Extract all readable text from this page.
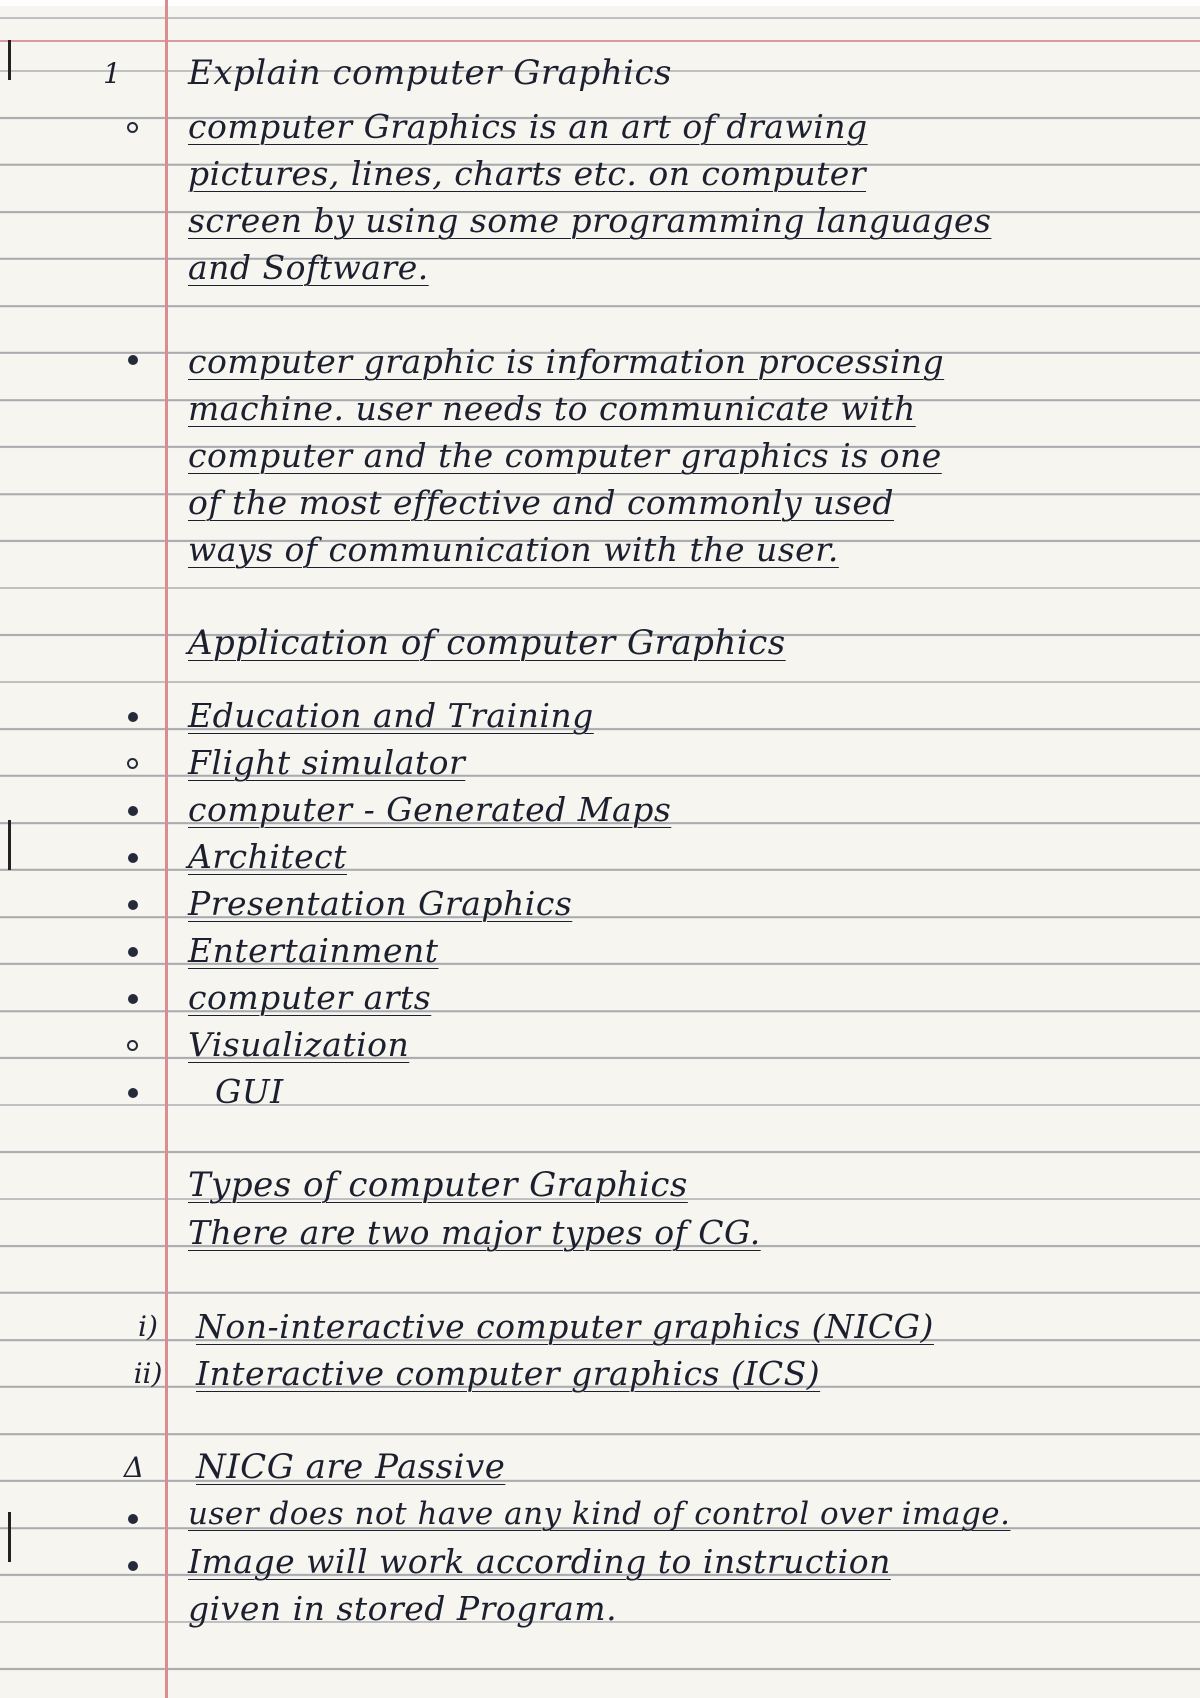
1	Explain computer Graphics
computer Graphics is an art of drawing
pictures, lines, charts etc. on computer
screen by using some programming languages
and Software.
computer graphic is information processing
machine. user needs to communicate with
computer and the computer graphics is one
of the most effective and commonly used
ways of communication with the user.
Application of computer Graphics
Education and Training
Flight simulator
computer - Generated Maps
Architect
Presentation Graphics
Entertainment
computer arts
Visualization
GUI
Types of computer Graphics
There are two major types of CG.
i)	Non-interactive computer graphics (NICG)
ii)	Interactive computer graphics (ICS)
Δ	NICG are Passive
user does not have any kind of control over image.
Image will work according to instruction
given in stored Program.
